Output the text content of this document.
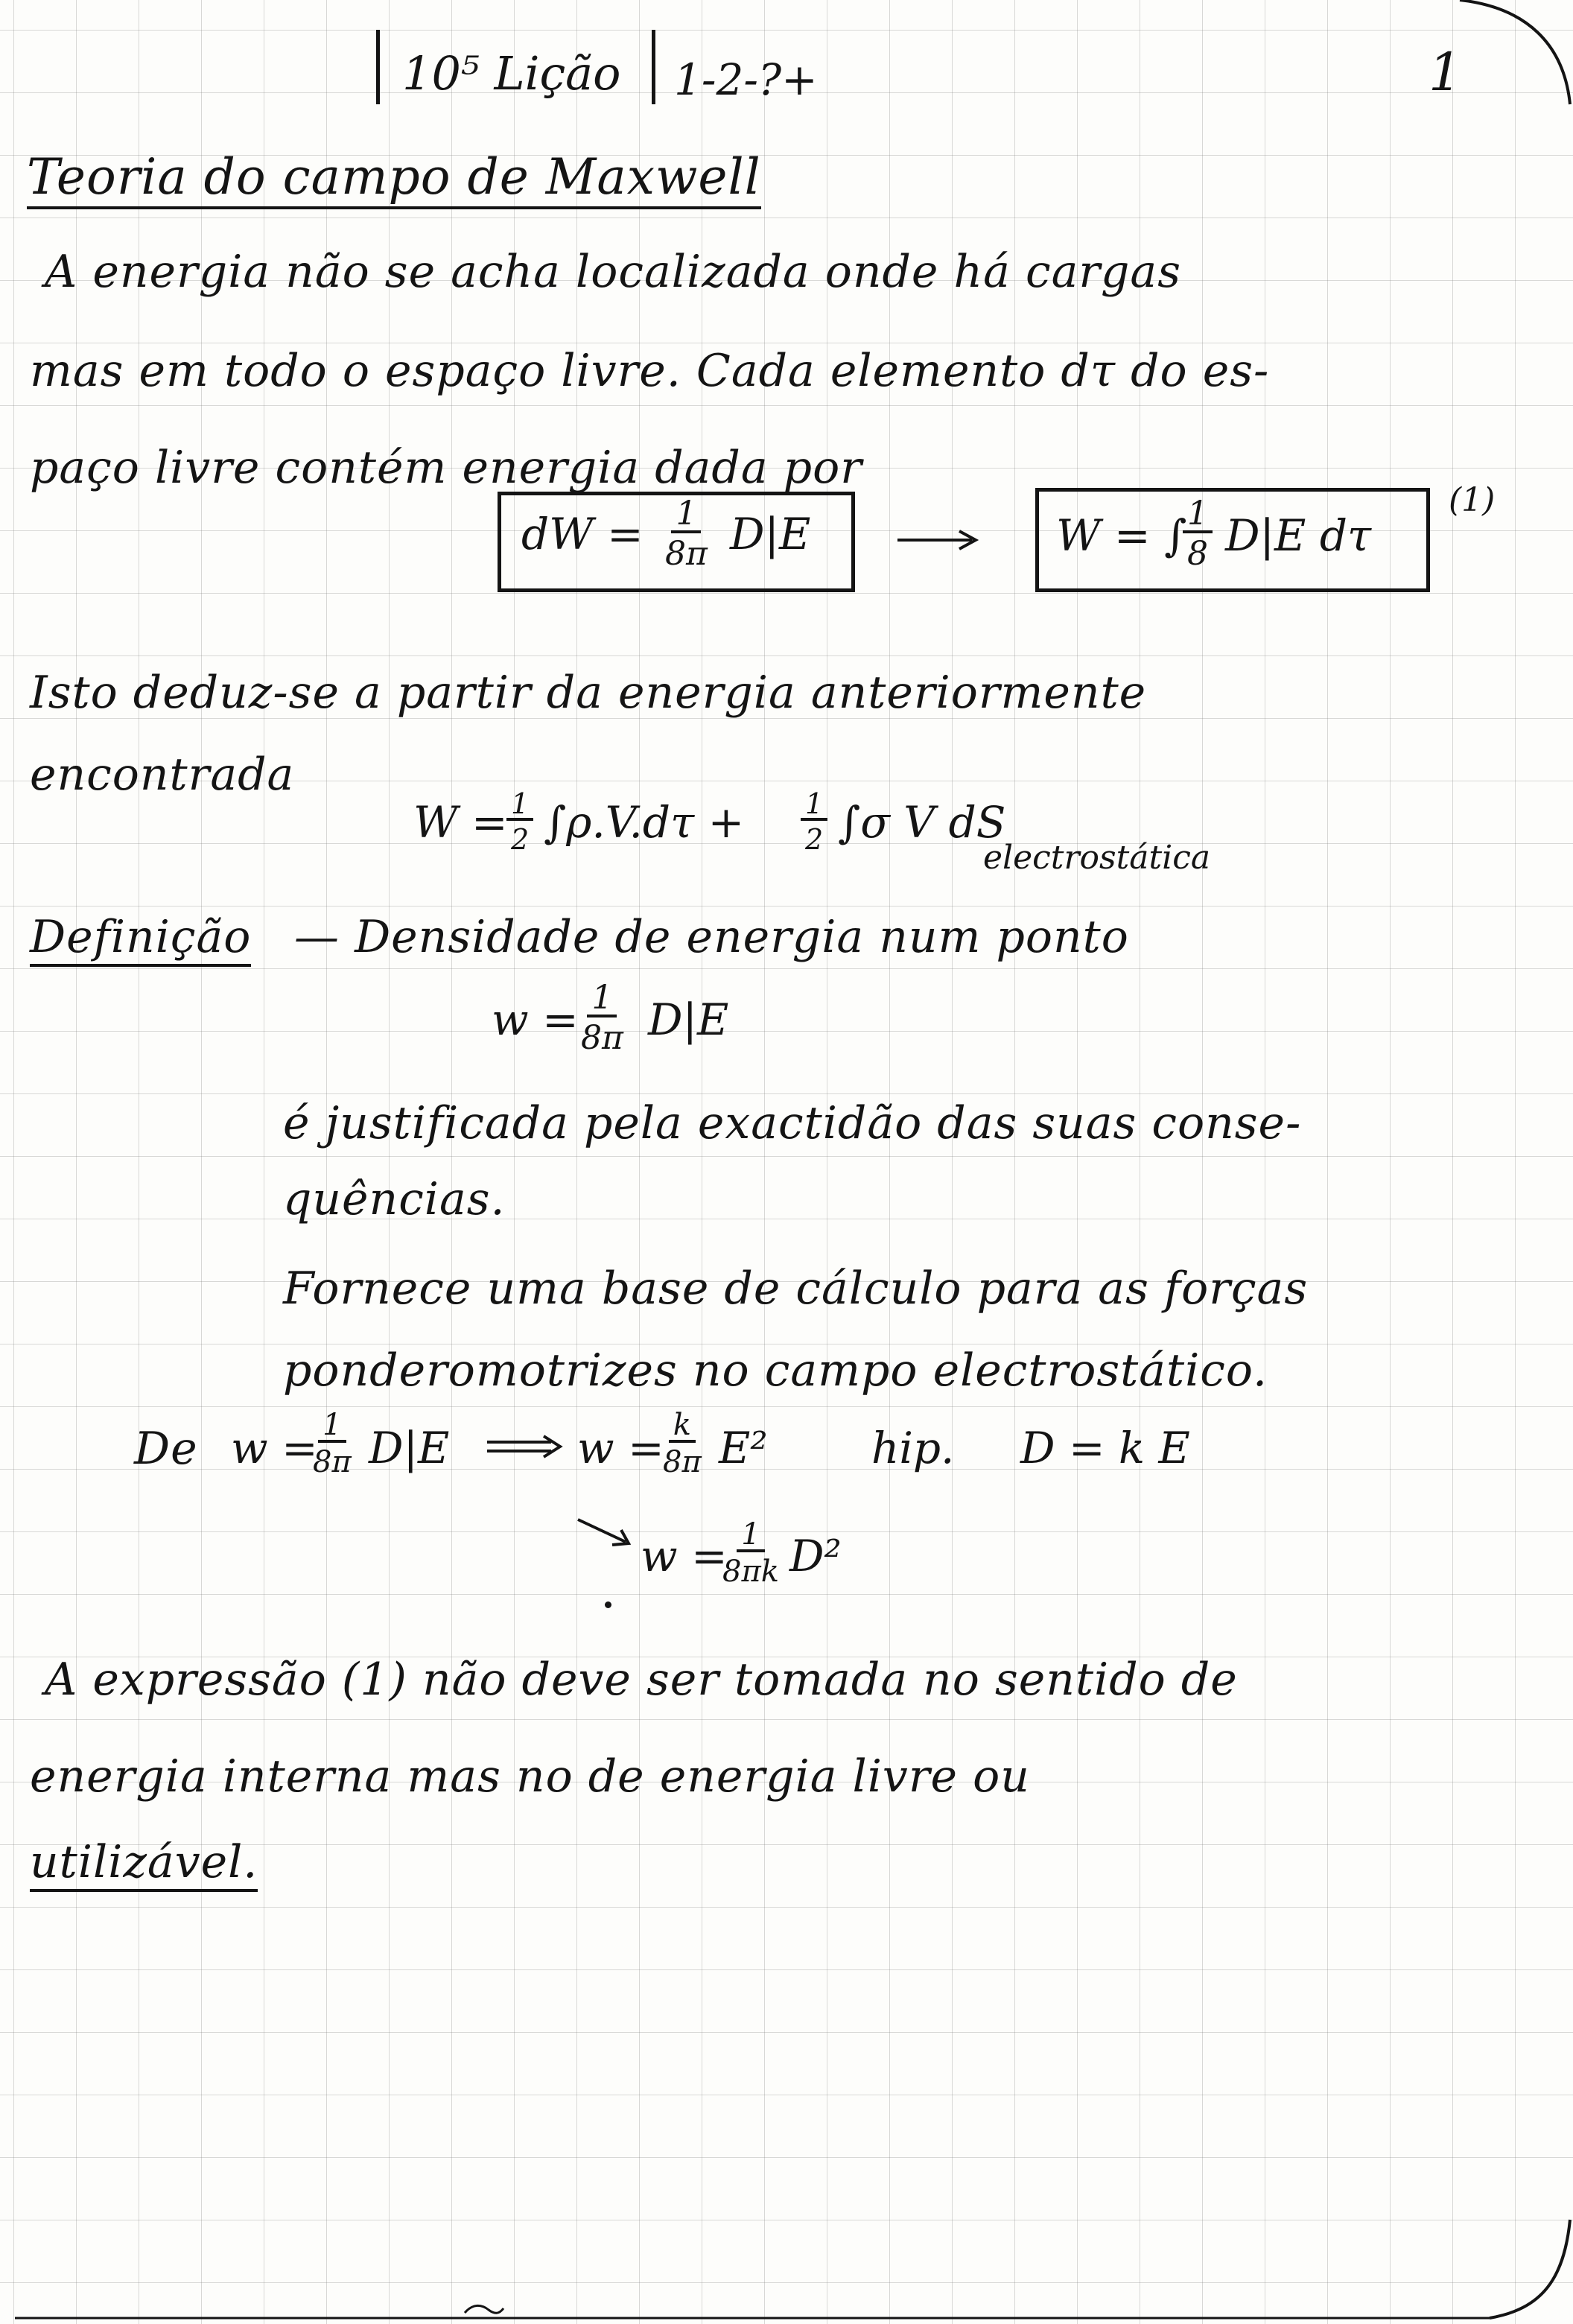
10⁵ Lição 1-2-?+	1
Teoria do campo de Maxwell
A energia não se acha localizada onde há cargas
mas em todo o espaço livre. Cada elemento dτ do es-
paço livre contém energia dada por
dW = $\frac{1}{8\pi} D|E$	W = ∫
$\frac{1}{8} D|E$ dτ
(1)
Isto deduz-se a partir da energia anteriormente
encontrada
W =
$\frac{1}{2} \int\rho.V.d\tau + \frac{1}{2} \int\sigma$ V dS
electrostática
Definição — Densidade de energia num ponto
$w = \frac{1}{8\pi} D|E$
é justificada pela exactidão das suas conse-
quências.
Fornece uma base de cálculo para as forças
ponderomotrizes no campo electrostático.
De w =
$\frac{1}{8\pi} D|E$	w =
$\frac{k}{8\pi} E^2$ hip. D = k E
w =
$\frac{1}{8\pi k} D^2$
A expressão (1) não deve ser tomada no sentido de
energia interna mas no de energia livre ou
utilizável.
